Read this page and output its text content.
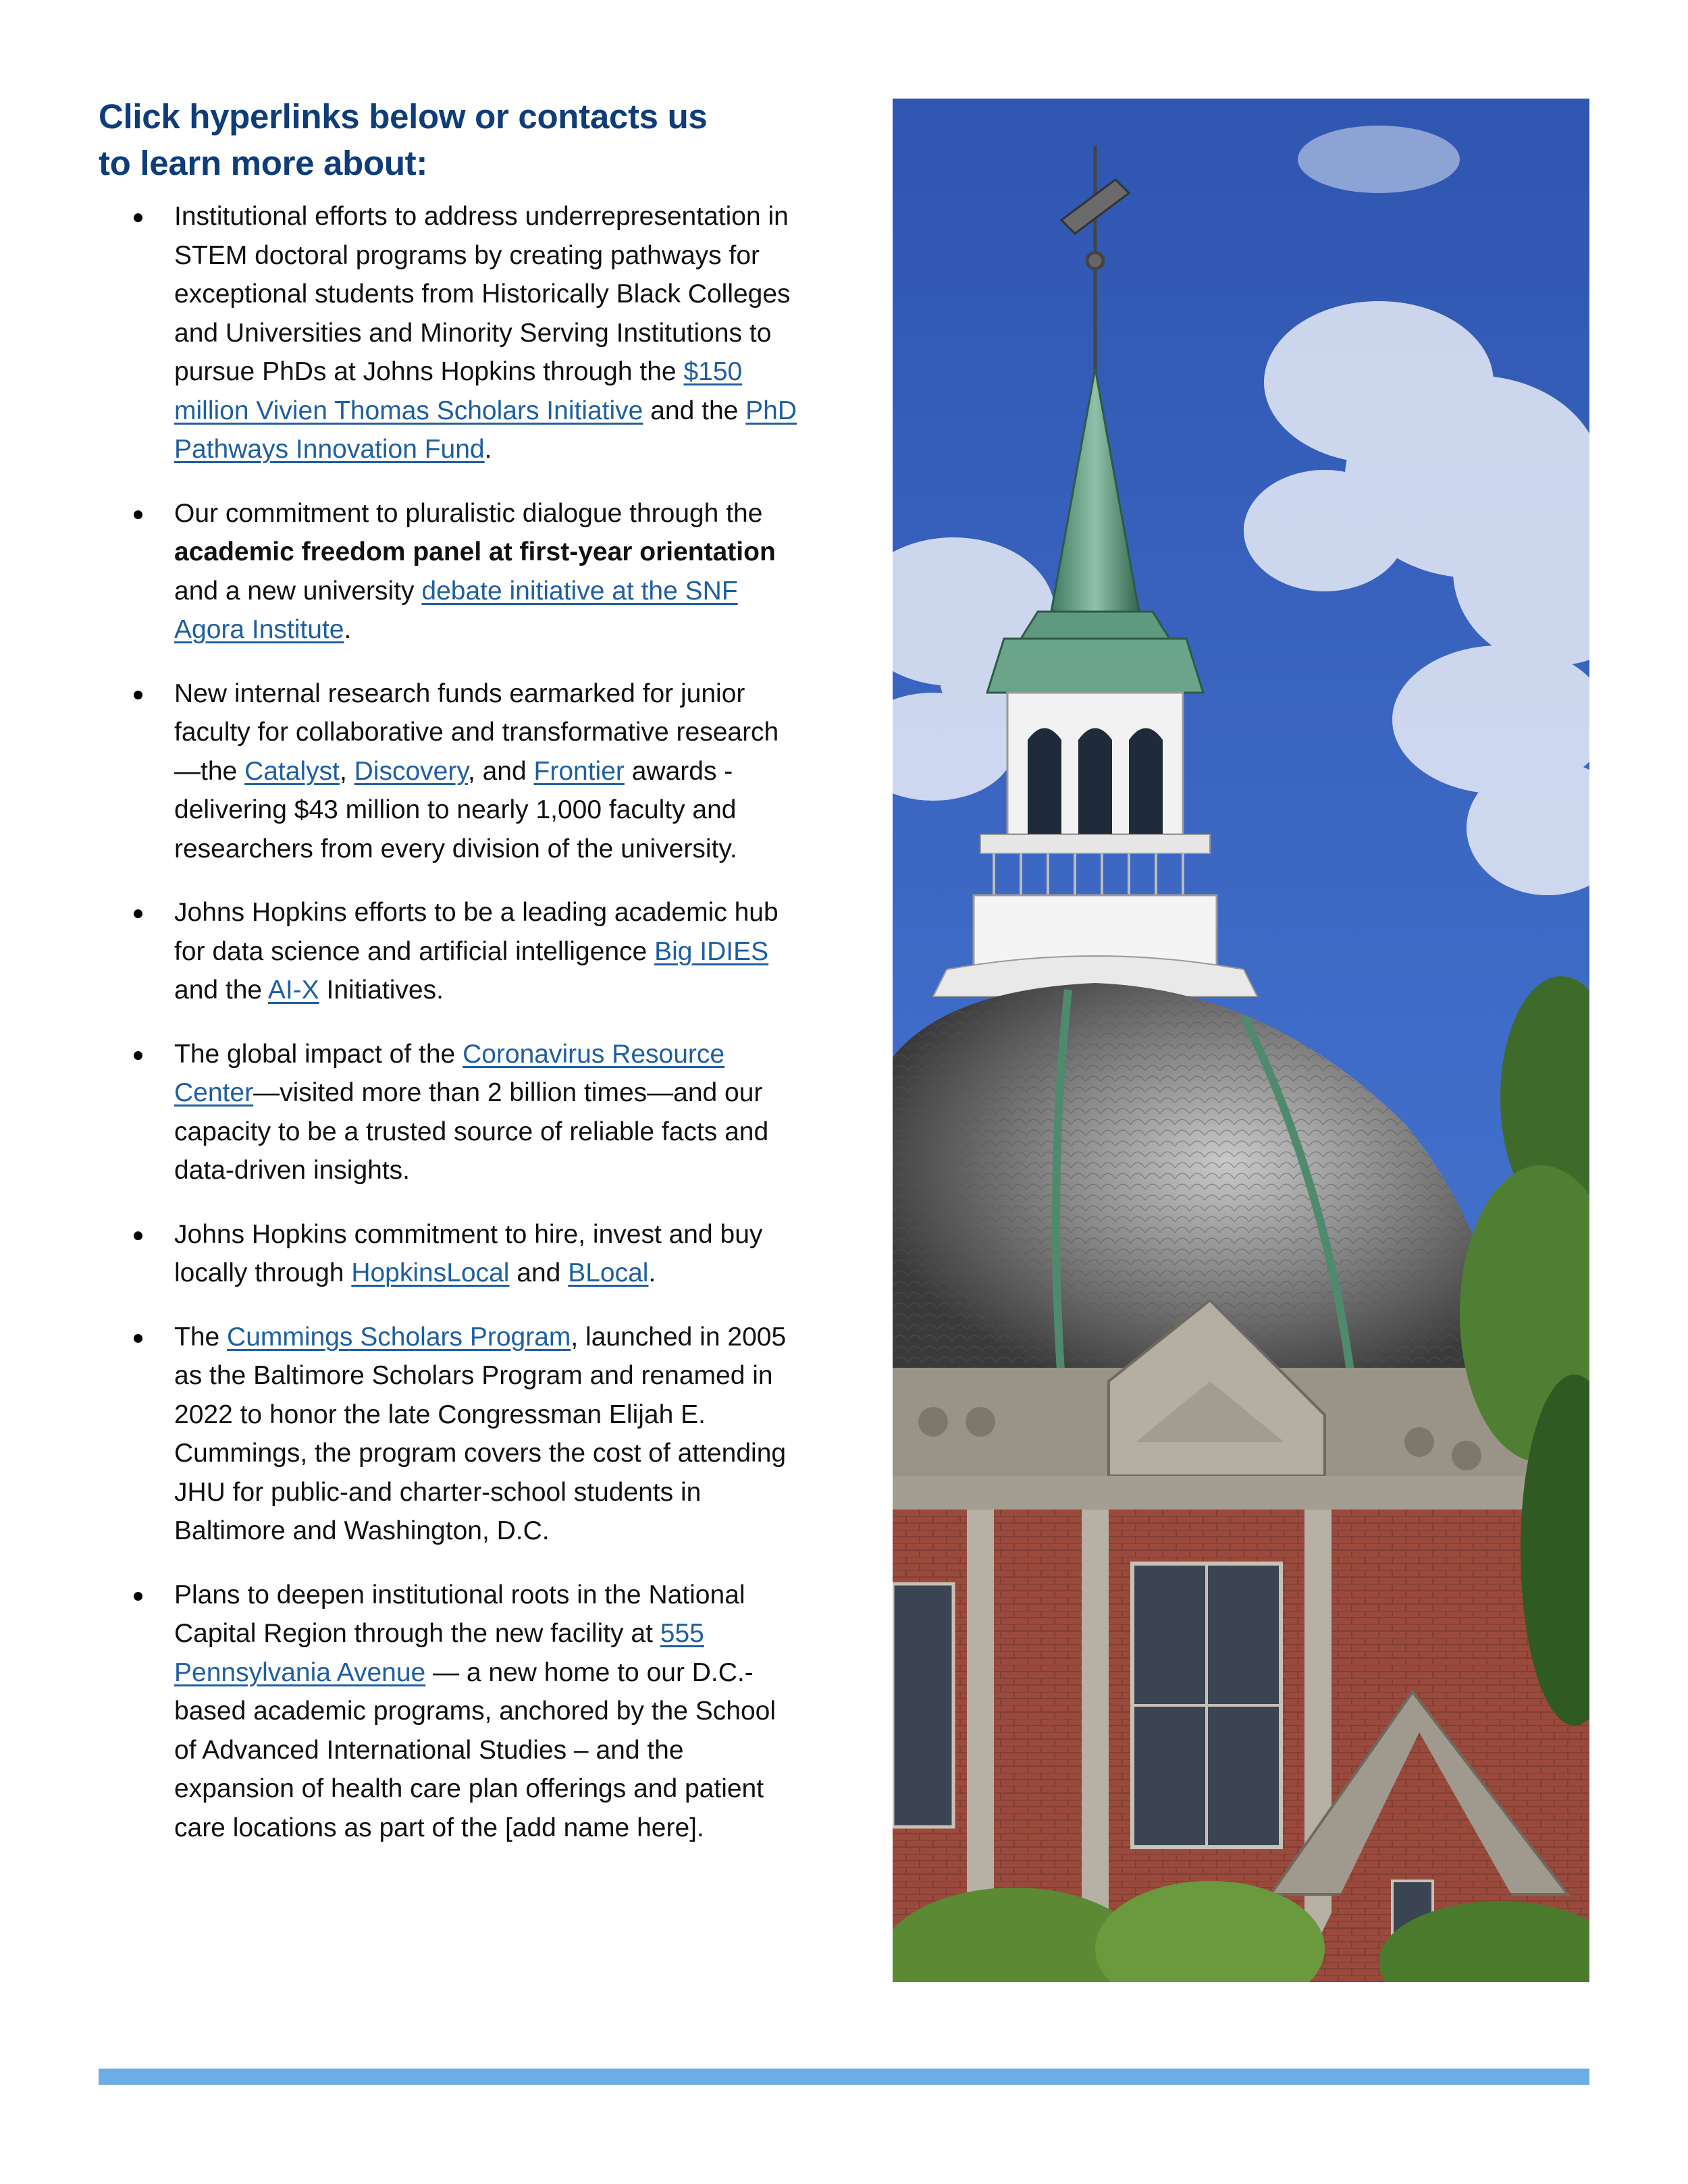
Click hyperlinks below or contacts us
to learn more about:
Institutional efforts to address underrepresentation in STEM doctoral programs by creating pathways for exceptional students from Historically Black Colleges and Universities and Minority Serving Institutions to pursue PhDs at Johns Hopkins through the $150 million Vivien Thomas Scholars Initiative and the PhD Pathways Innovation Fund.
Our commitment to pluralistic dialogue through the academic freedom panel at first-year orientation and a new university debate initiative at the SNF Agora Institute.
New internal research funds earmarked for junior faculty for collaborative and transformative research—the Catalyst, Discovery, and Frontier awards - delivering $43 million to nearly 1,000 faculty and researchers from every division of the university.
Johns Hopkins efforts to be a leading academic hub for data science and artificial intelligence Big IDIES and the AI-X Initiatives.
The global impact of the Coronavirus Resource Center—visited more than 2 billion times—and our capacity to be a trusted source of reliable facts and data-driven insights.
Johns Hopkins commitment to hire, invest and buy locally through HopkinsLocal and BLocal.
The Cummings Scholars Program, launched in 2005 as the Baltimore Scholars Program and renamed in 2022 to honor the late Congressman Elijah E. Cummings, the program covers the cost of attending JHU for public-and charter-school students in Baltimore and Washington, D.C.
Plans to deepen institutional roots in the National Capital Region through the new facility at 555 Pennsylvania Avenue — a new home to our D.C.-based academic programs, anchored by the School of Advanced International Studies – and the expansion of health care plan offerings and patient care locations as part of the [add name here].
